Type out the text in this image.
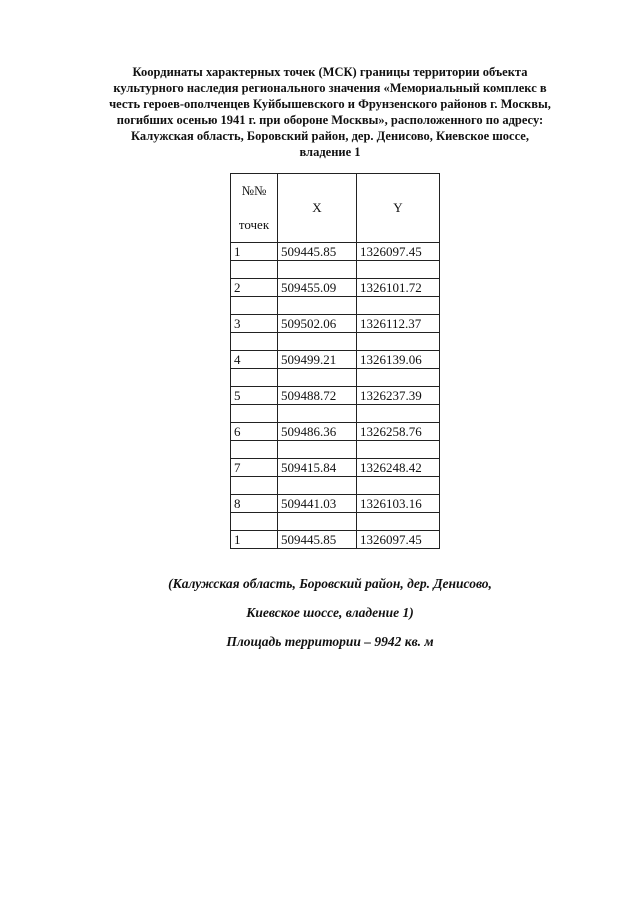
Координаты характерных точек (МСК) границы территории объекта
культурного наследия регионального значения «Мемориальный комплекс в
честь героев-ополченцев Куйбышевского и Фрунзенского районов г. Москвы,
погибших осенью 1941 г. при обороне Москвы», расположенного по адресу:
Калужская область, Боровский район, дер. Денисово, Киевское шоссе,
владение 1
№№
точек	X	Y
1	509445.85	1326097.45

2	509455.09	1326101.72

3	509502.06	1326112.37

4	509499.21	1326139.06

5	509488.72	1326237.39

6	509486.36	1326258.76

7	509415.84	1326248.42

8	509441.03	1326103.16

1	509445.85	1326097.45
(Калужская область, Боровский район, дер. Денисово,
Киевское шоссе, владение 1)
Площадь территории – 9942 кв. м
